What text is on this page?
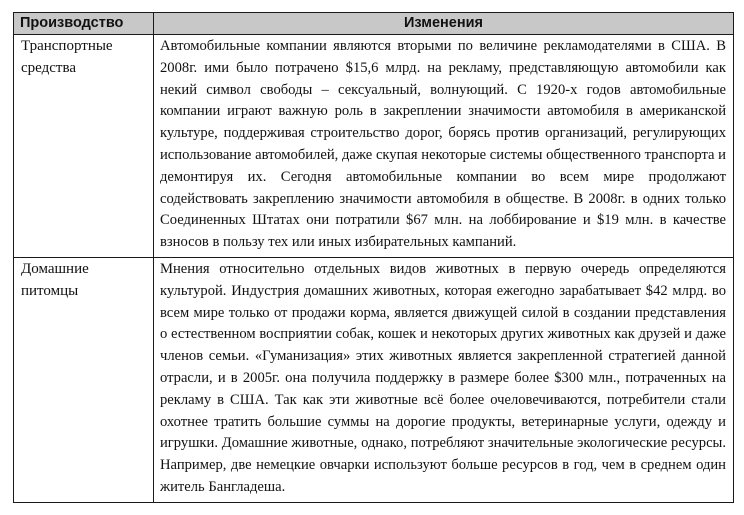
Производство	Изменения
Транспортные средства	Автомобильные компании являются вторыми по величине рекламодателями в США. В 2008г. ими было потрачено $15,6 млрд. на рекламу, представляющую автомобили как некий символ свободы – сексуальный, волнующий. С 1920-х годов автомобильные компании играют важную роль в закреплении значимости автомобиля в американской культуре, поддерживая строительство дорог, борясь против организаций, регулирующих использование автомобилей, даже скупая некоторые системы общественного транспорта и демонтируя их. Сегодня автомобильные компании во всем мире продолжают содействовать закреплению значимости автомобиля в обществе. В 2008г. в одних только Соединенных Штатах они потратили $67 млн. на лоббирование и $19 млн. в качестве взносов в пользу тех или иных избирательных кампаний.
Домашние питомцы	Мнения относительно отдельных видов животных в первую очередь определяются культурой. Индустрия домашних животных, которая ежегодно зарабатывает $42 млрд. во всем мире только от продажи корма, является движущей силой в создании представления о естественном восприятии собак, кошек и некоторых других животных как друзей и даже членов семьи. «Гуманизация» этих животных является закрепленной стратегией данной отрасли, и в 2005г. она получила поддержку в размере более $300 млн., потраченных на рекламу в США. Так как эти животные всё более очеловечиваются, потребители стали охотнее тратить большие суммы на дорогие продукты, ветеринарные услуги, одежду и игрушки. Домашние животные, однако, потребляют значительные экологические ресурсы. Например, две немецкие овчарки используют больше ресурсов в год, чем в среднем один житель Бангладеша.
